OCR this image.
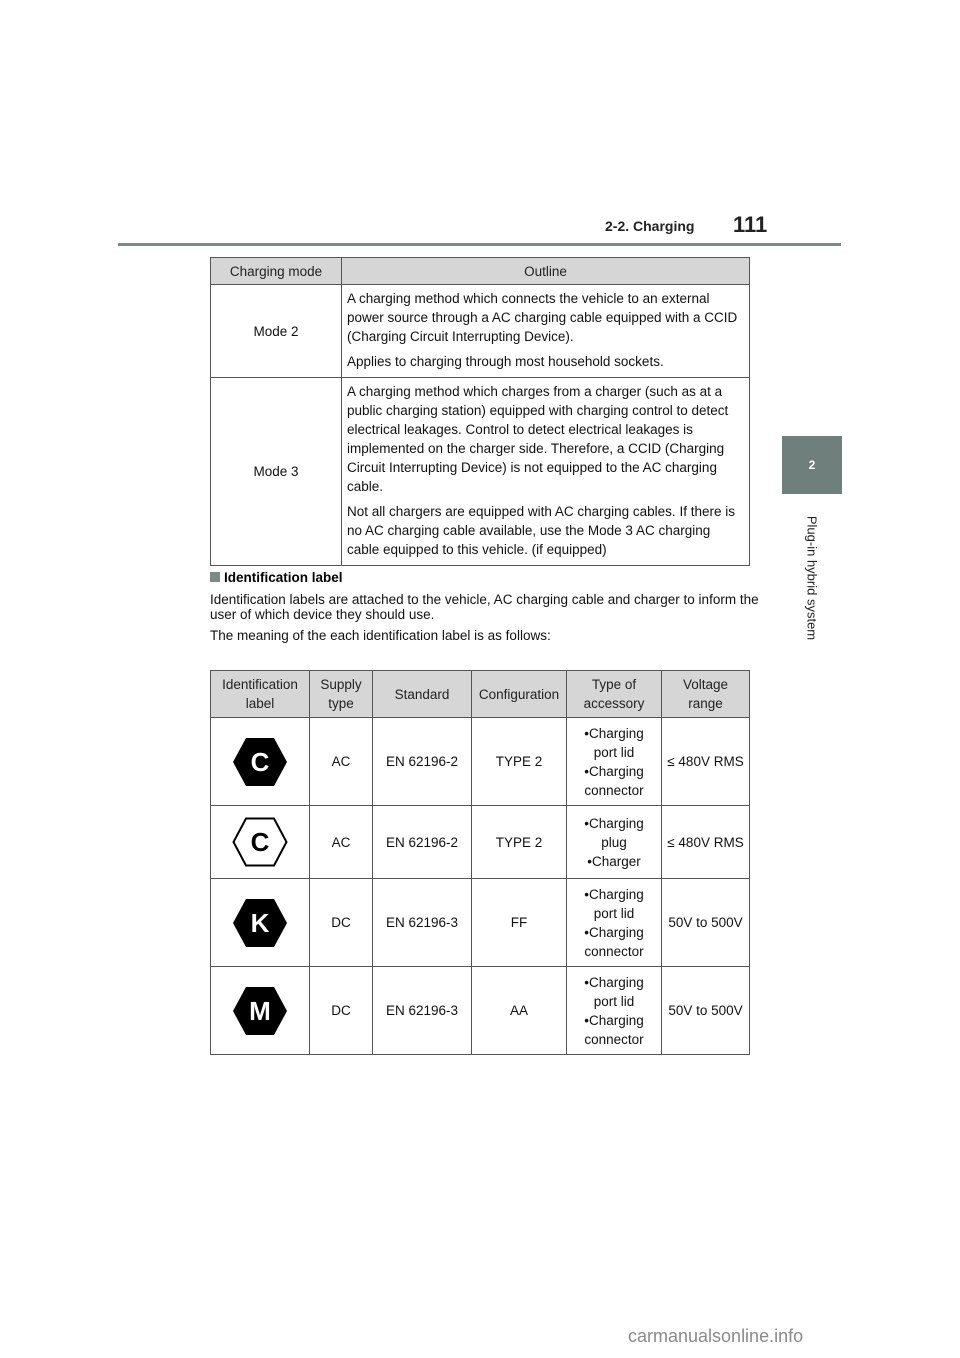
2-2. Charging 111
2
Plug-in hybrid system
Charging mode	Outline
Mode 2	A charging method which connects the vehicle to an external power source through a AC charging cable equipped with a CCID (Charging Circuit Interrupting Device).

Applies to charging through most household sockets.

Mode 3	A charging method which charges from a charger (such as at a public charging station) equipped with charging control to detect electrical leakages. Control to detect electrical leakages is implemented on the charger side. Therefore, a CCID (Charging Circuit Interrupting Device) is not equipped to the AC charging cable.

Not all chargers are equipped with AC charging cables. If there is no AC charging cable available, use the Mode 3 AC charging cable equipped to this vehicle. (if equipped)

Identification label
Identification labels are attached to the vehicle, AC charging cable and charger to inform the user of which device they should use.
The meaning of the each identification label is as follows:
Identification label	Supply type	Standard	Configuration	Type of accessory	Voltage range

C	AC	EN 62196-2	TYPE 2	• Charging
port lid
• Charging
connector	≤ 480V RMS

C	AC	EN 62196-2	TYPE 2	• Charging
plug
• Charger	≤ 480V RMS

K	DC	EN 62196-3	FF	• Charging
port lid
• Charging
connector	50V to 500V

M	DC	EN 62196-3	AA	• Charging
port lid
• Charging
connector	50V to 500V
carmanualsonline.info
